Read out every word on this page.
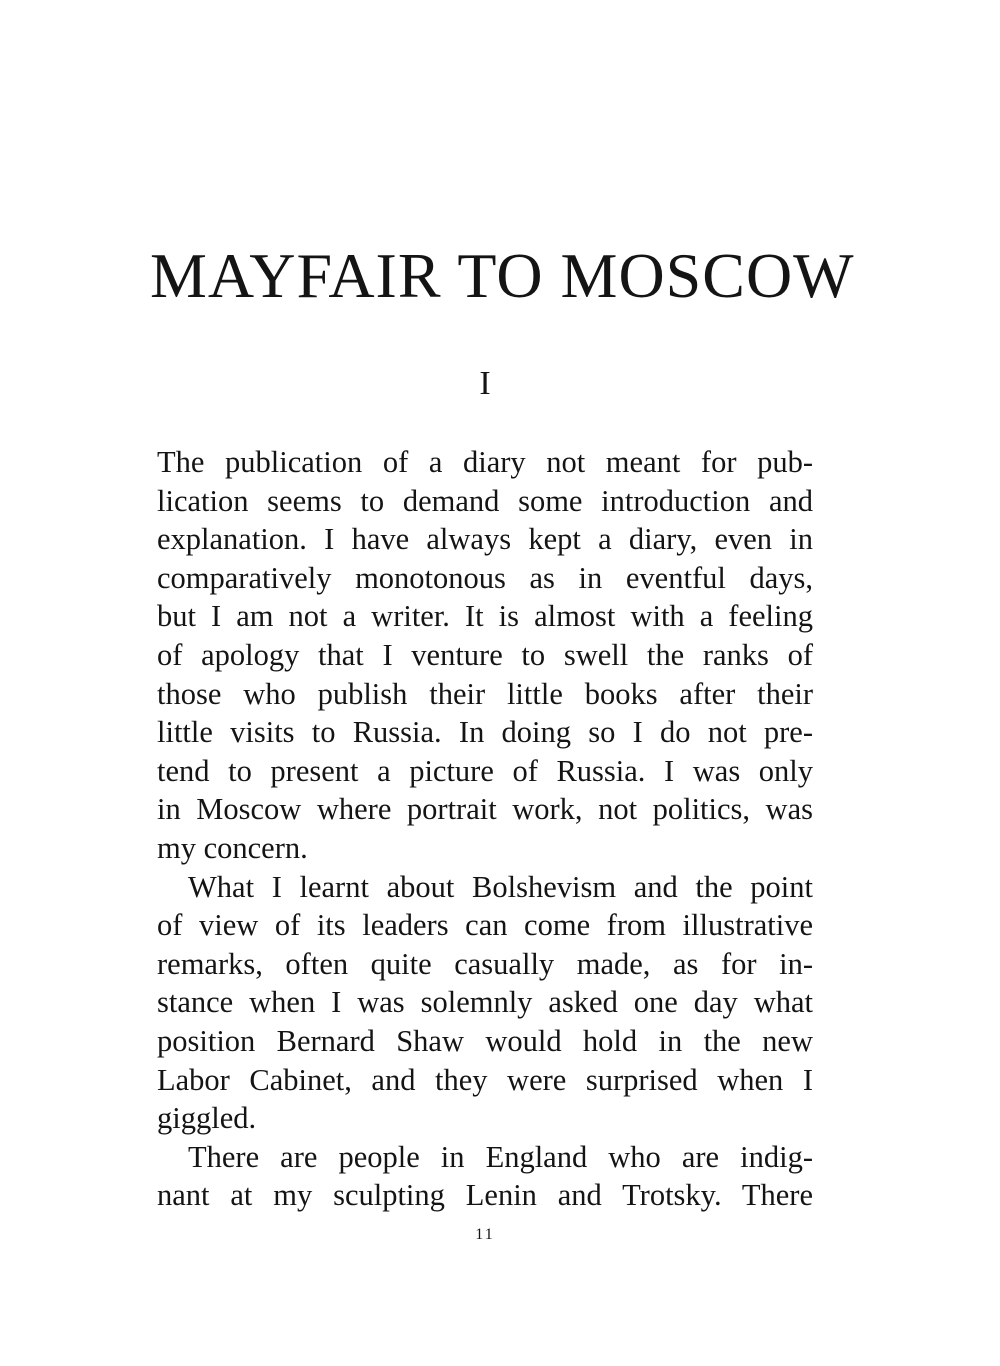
MAYFAIR TO MOSCOW
I
The publication of a diary not meant for pub-
lication seems to demand some introduction and
explanation. I have always kept a diary, even in
comparatively monotonous as in eventful days,
but I am not a writer. It is almost with a feeling
of apology that I venture to swell the ranks of
those who publish their little books after their
little visits to Russia. In doing so I do not pre-
tend to present a picture of Russia. I was only
in Moscow where portrait work, not politics, was
my concern.
What I learnt about Bolshevism and the point
of view of its leaders can come from illustrative
remarks, often quite casually made, as for in-
stance when I was solemnly asked one day what
position Bernard Shaw would hold in the new
Labor Cabinet, and they were surprised when I
giggled.
There are people in England who are indig-
nant at my sculpting Lenin and Trotsky. There
11
